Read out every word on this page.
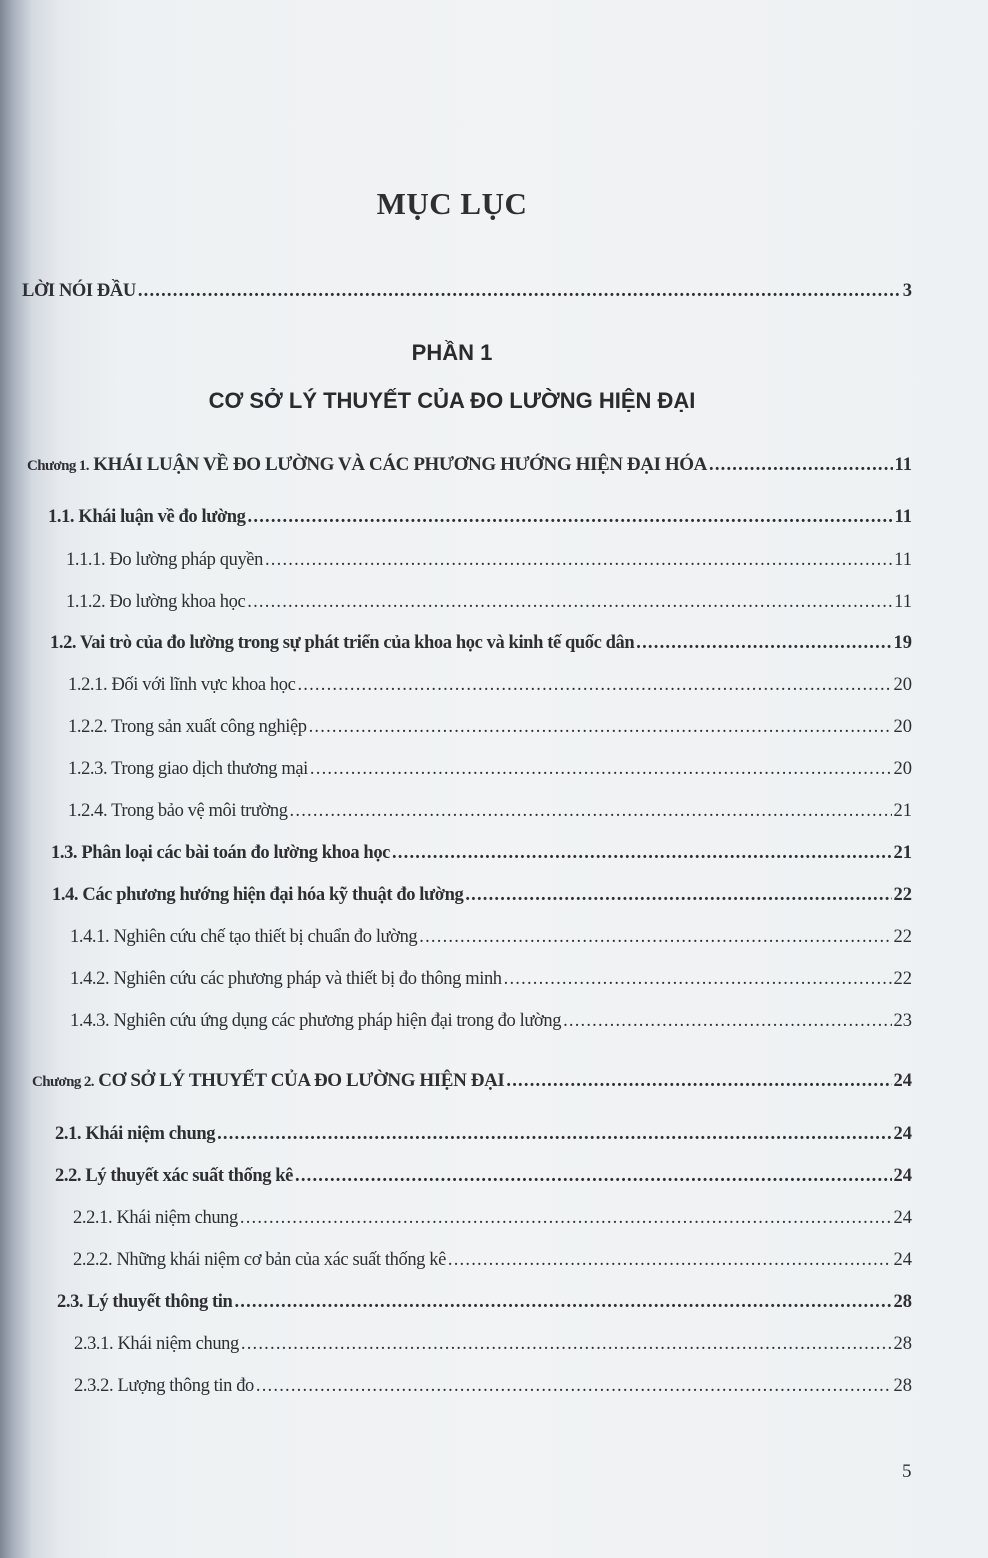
MỤC LỤC
PHẦN 1
CƠ SỞ LÝ THUYẾT CỦA ĐO LƯỜNG HIỆN ĐẠI
LỜI NÓI ĐẦU .....	3
Chương 1. KHÁI LUẬN VỀ ĐO LƯỜNG VÀ CÁC PHƯƠNG HƯỚNG HIỆN ĐẠI HÓA .....	11
1.1. Khái luận về đo lường .....	11
1.1.1. Đo lường pháp quyền .....	11
1.1.2. Đo lường khoa học .....	11
1.2. Vai trò của đo lường trong sự phát triển của khoa học và kinh tế quốc dân .....	19
1.2.1. Đối với lĩnh vực khoa học .....	20
1.2.2. Trong sản xuất công nghiệp .....	20
1.2.3. Trong giao dịch thương mại .....	20
1.2.4. Trong bảo vệ môi trường .....	21
1.3. Phân loại các bài toán đo lường khoa học .....	21
1.4. Các phương hướng hiện đại hóa kỹ thuật đo lường .....	22
1.4.1. Nghiên cứu chế tạo thiết bị chuẩn đo lường .....	22
1.4.2. Nghiên cứu các phương pháp và thiết bị đo thông minh .....	22
1.4.3. Nghiên cứu ứng dụng các phương pháp hiện đại trong đo lường .....	23
Chương 2. CƠ SỞ LÝ THUYẾT CỦA ĐO LƯỜNG HIỆN ĐẠI .....	24
2.1. Khái niệm chung .....	24
2.2. Lý thuyết xác suất thống kê .....	24
2.2.1. Khái niệm chung .....	24
2.2.2. Những khái niệm cơ bản của xác suất thống kê .....	24
2.3. Lý thuyết thông tin .....	28
2.3.1. Khái niệm chung .....	28
2.3.2. Lượng thông tin đo .....	28
5
